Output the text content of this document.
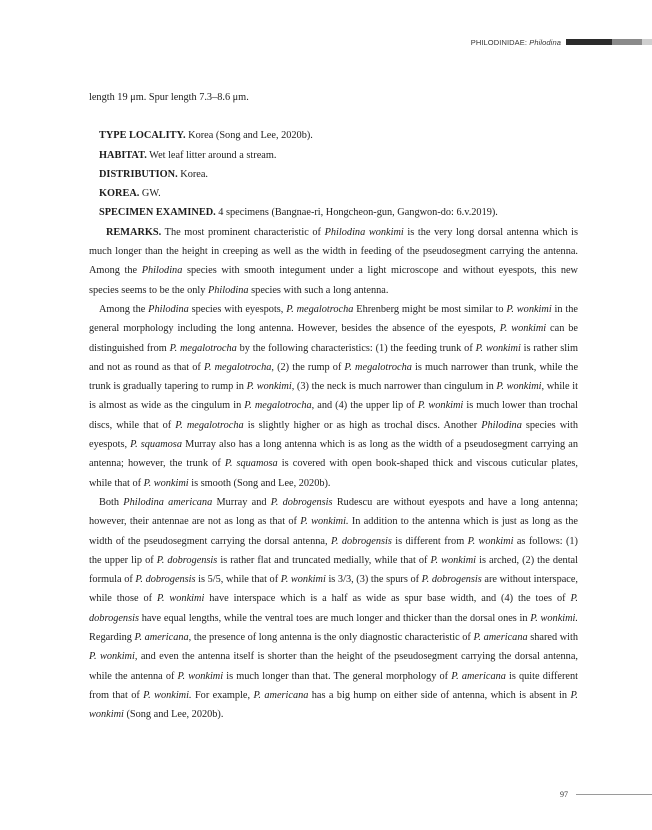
PHILODINIDAE: Philodina

length 19 μm. Spur length 7.3–8.6 μm.

TYPE LOCALITY. Korea (Song and Lee, 2020b).

HABITAT. Wet leaf litter around a stream.

DISTRIBUTION. Korea.

KOREA. GW.

SPECIMEN EXAMINED. 4 specimens (Bangnae-ri, Hongcheon-gun, Gangwon-do: 6.v.2019).

REMARKS. The most prominent characteristic of Philodina wonkimi is the very long dorsal antenna which is much longer than the height in creeping as well as the width in feeding of the pseudosegment carrying the antenna. Among the Philodina species with smooth integument under a light microscope and without eyespots, this new species seems to be the only Philodina species with such a long antenna.

Among the Philodina species with eyespots, P. megalotrocha Ehrenberg might be most similar to P. wonkimi in the general morphology including the long antenna. However, besides the absence of the eyespots, P. wonkimi can be distinguished from P. megalotrocha by the following characteristics: (1) the feeding trunk of P. wonkimi is rather slim and not as round as that of P. megalotrocha, (2) the rump of P. megalotrocha is much narrower than trunk, while the trunk is gradually tapering to rump in P. wonkimi, (3) the neck is much narrower than cingulum in P. wonkimi, while it is almost as wide as the cingulum in P. megalotrocha, and (4) the upper lip of P. wonkimi is much lower than trochal discs, while that of P. megalotrocha is slightly higher or as high as trochal discs. Another Philodina species with eyespots, P. squamosa Murray also has a long antenna which is as long as the width of a pseudosegment carrying an antenna; however, the trunk of P. squamosa is covered with open book-shaped thick and viscous cuticular plates, while that of P. wonkimi is smooth (Song and Lee, 2020b).

Both Philodina americana Murray and P. dobrogensis Rudescu are without eyespots and have a long antenna; however, their antennae are not as long as that of P. wonkimi. In addition to the antenna which is just as long as the width of the pseudosegment carrying the dorsal antenna, P. dobrogensis is different from P. wonkimi as follows: (1) the upper lip of P. dobrogensis is rather flat and truncated medially, while that of P. wonkimi is arched, (2) the dental formula of P. dobrogensis is 5/5, while that of P. wonkimi is 3/3, (3) the spurs of P. dobrogensis are without interspace, while those of P. wonkimi have interspace which is a half as wide as spur base width, and (4) the toes of P. dobrogensis have equal lengths, while the ventral toes are much longer and thicker than the dorsal ones in P. wonkimi. Regarding P. americana, the presence of long antenna is the only diagnostic characteristic of P. americana shared with P. wonkimi, and even the antenna itself is shorter than the height of the pseudosegment carrying the dorsal antenna, while the antenna of P. wonkimi is much longer than that. The general morphology of P. americana is quite different from that of P. wonkimi. For example, P. americana has a big hump on either side of antenna, which is absent in P. wonkimi (Song and Lee, 2020b).

97
